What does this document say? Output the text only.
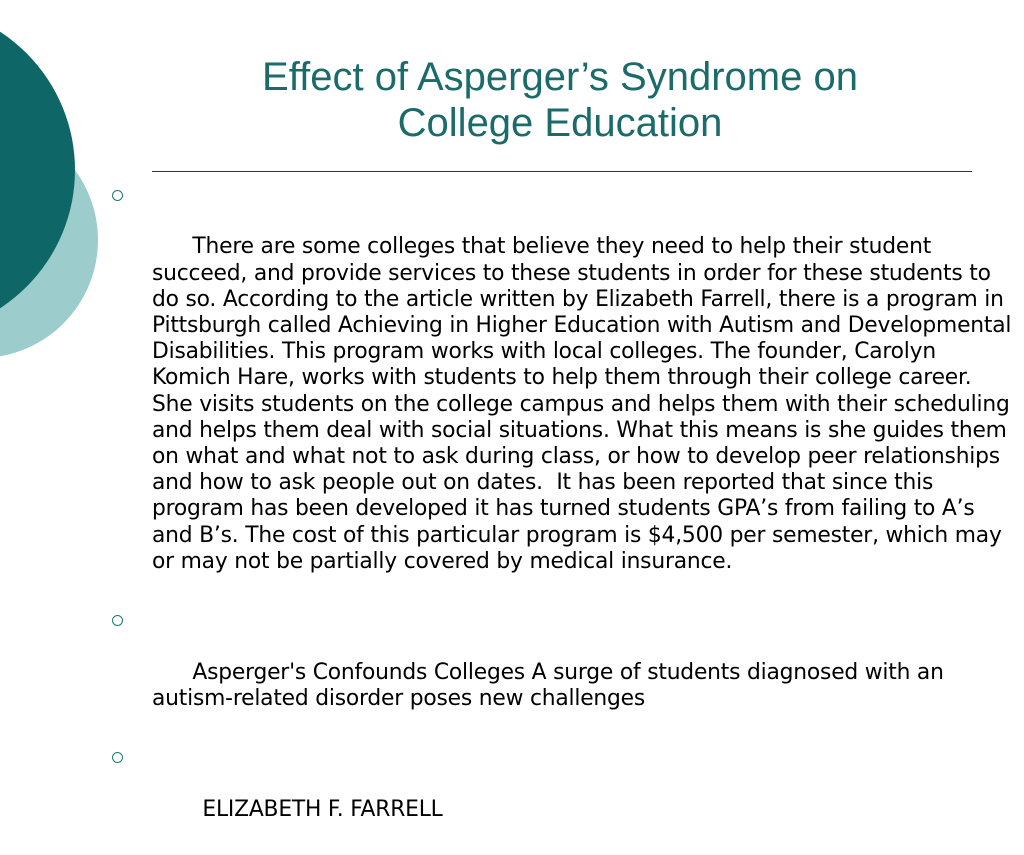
Effect of Asperger’s Syndrome on
College Education

There are some colleges that believe they need to help their student succeed, and provide services to these students in order for these students to do so. According to the article written by Elizabeth Farrell, there is a program in Pittsburgh called Achieving in Higher Education with Autism and Developmental Disabilities. This program works with local colleges. The founder, Carolyn Komich Hare, works with students to help them through their college career. She visits students on the college campus and helps them with their scheduling and helps them deal with social situations. What this means is she guides them on what and what not to ask during class, or how to develop peer relationships and how to ask people out on dates.  It has been reported that since this program has been developed it has turned students GPA’s from failing to A’s and B’s. The cost of this particular program is $4,500 per semester, which may or may not be partially covered by medical insurance.

Asperger's Confounds Colleges A surge of students diagnosed with an autism-related disorder poses new challenges

ELIZABETH F. FARRELL
